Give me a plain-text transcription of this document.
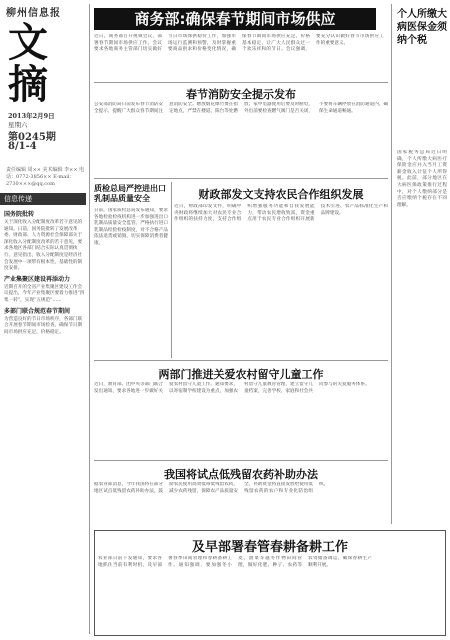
柳州信息报
文摘
2013年2月9日
星期六
第0245期
8/1-4
责任编辑 周×× 美术编辑 李×× 电话：0772-3856×× E-mail：2730×××@qq.com
信息传递
国务院批转

关于深化收入分配制度改革若干意见的通知。日前，国务院批转了发展改革委、财政部、人力资源社会保障部关于深化收入分配制度改革的若干意见，要求各地区各部门结合实际认真贯彻执行。意见指出，收入分配制度是经济社会发展中一项带有根本性、基础性的制度安排。

产业集聚区建设再添动力

近期召开的全省产业集聚区建设工作会议提出，今年产业集聚区要着力推进“四集一转”，实现“五规范”……

多部门联合规范春节期间

为营造良好的节日市场秩序，各部门联合开展春节期间市场检查，确保节日期间市场供应充足、价格稳定。

商务部:确保春节期间市场供应
近日，商务部召开视频会议，部署春节期间市场供应工作。会议要求各地商务主管部门切实做好节日市场保供稳价工作，加强市场运行监测和预警，及时掌握重要商品供求和价格变化情况，确保春节期间市场供应充足、价格基本稳定，让广大人民群众过一个欢乐祥和的节日。会议强调，要充分认识做好春节市场供应工作的重要意义。
个人所缴大病医保金须纳个税
国家税务总局近日明确，个人所缴大病医疗保险金应并入当月工资薪金收入计征个人所得税。此前，部分地区在大病医保政策推行过程中，对个人缴纳部分是否应缴纳个税存在不同理解。
春节消防安全提示发布
公安部消防局日前发布春节消防安全提示，提醒广大群众春节期间注意消防安全。燃放烟花爆竹要在指定地点，严禁在楼道、阳台等处燃放；家中电器使用后要及时断电，外出前要检查燃气阀门是否关闭，不要将车辆停放在消防通道内，确保生命通道畅通。
质检总局严控进出口乳制品质量安全
日前，国家质检总局发布通知，要求各地检验检疫机构进一步加强进出口乳制品质量安全监管。严格执行进口乳制品检验检疫制度，对不合格产品依法退货或销毁，切实保障消费者健康。
财政部发文支持农民合作组织发展
近日，财政部印发文件，明确中央财政将继续加大对农民专业合作组织的扶持力度，支持合作组织增强服务功能和自我发展能力，带动农民增收致富。资金重点用于农民专业合作组织开展新技术引进、农产品标准化生产和品牌建设。
两部门推进关爱农村留守儿童工作
近日，教育部、团中央等部门联合发出通知，要求各地进一步做好关爱农村留守儿童工作。通知要求，以寄宿制学校建设为重点，加强农村留守儿童教育管理，建立留守儿童档案，完善学校、家庭和社会共同参与的关爱服务体系。
我国将试点低残留农药补助办法
据农业部消息，今年我国将在部分地区试点低残留农药补助办法，鼓励农民使用高效低毒低残留农药，减少农药残留，保障农产品质量安全。补助资金将直接发放给使用低残留农药的农户和专业化防治组织。
及早部署春管春耕备耕工作
农业部日前下发通知，要求各地抓住当前有利时机，及早部署春季田间管理和春耕备耕工作。通知强调，要加强冬小麦、油菜等越冬作物田间管理，做好化肥、种子、农药等农资储备调运，确保春耕生产顺利开展。
